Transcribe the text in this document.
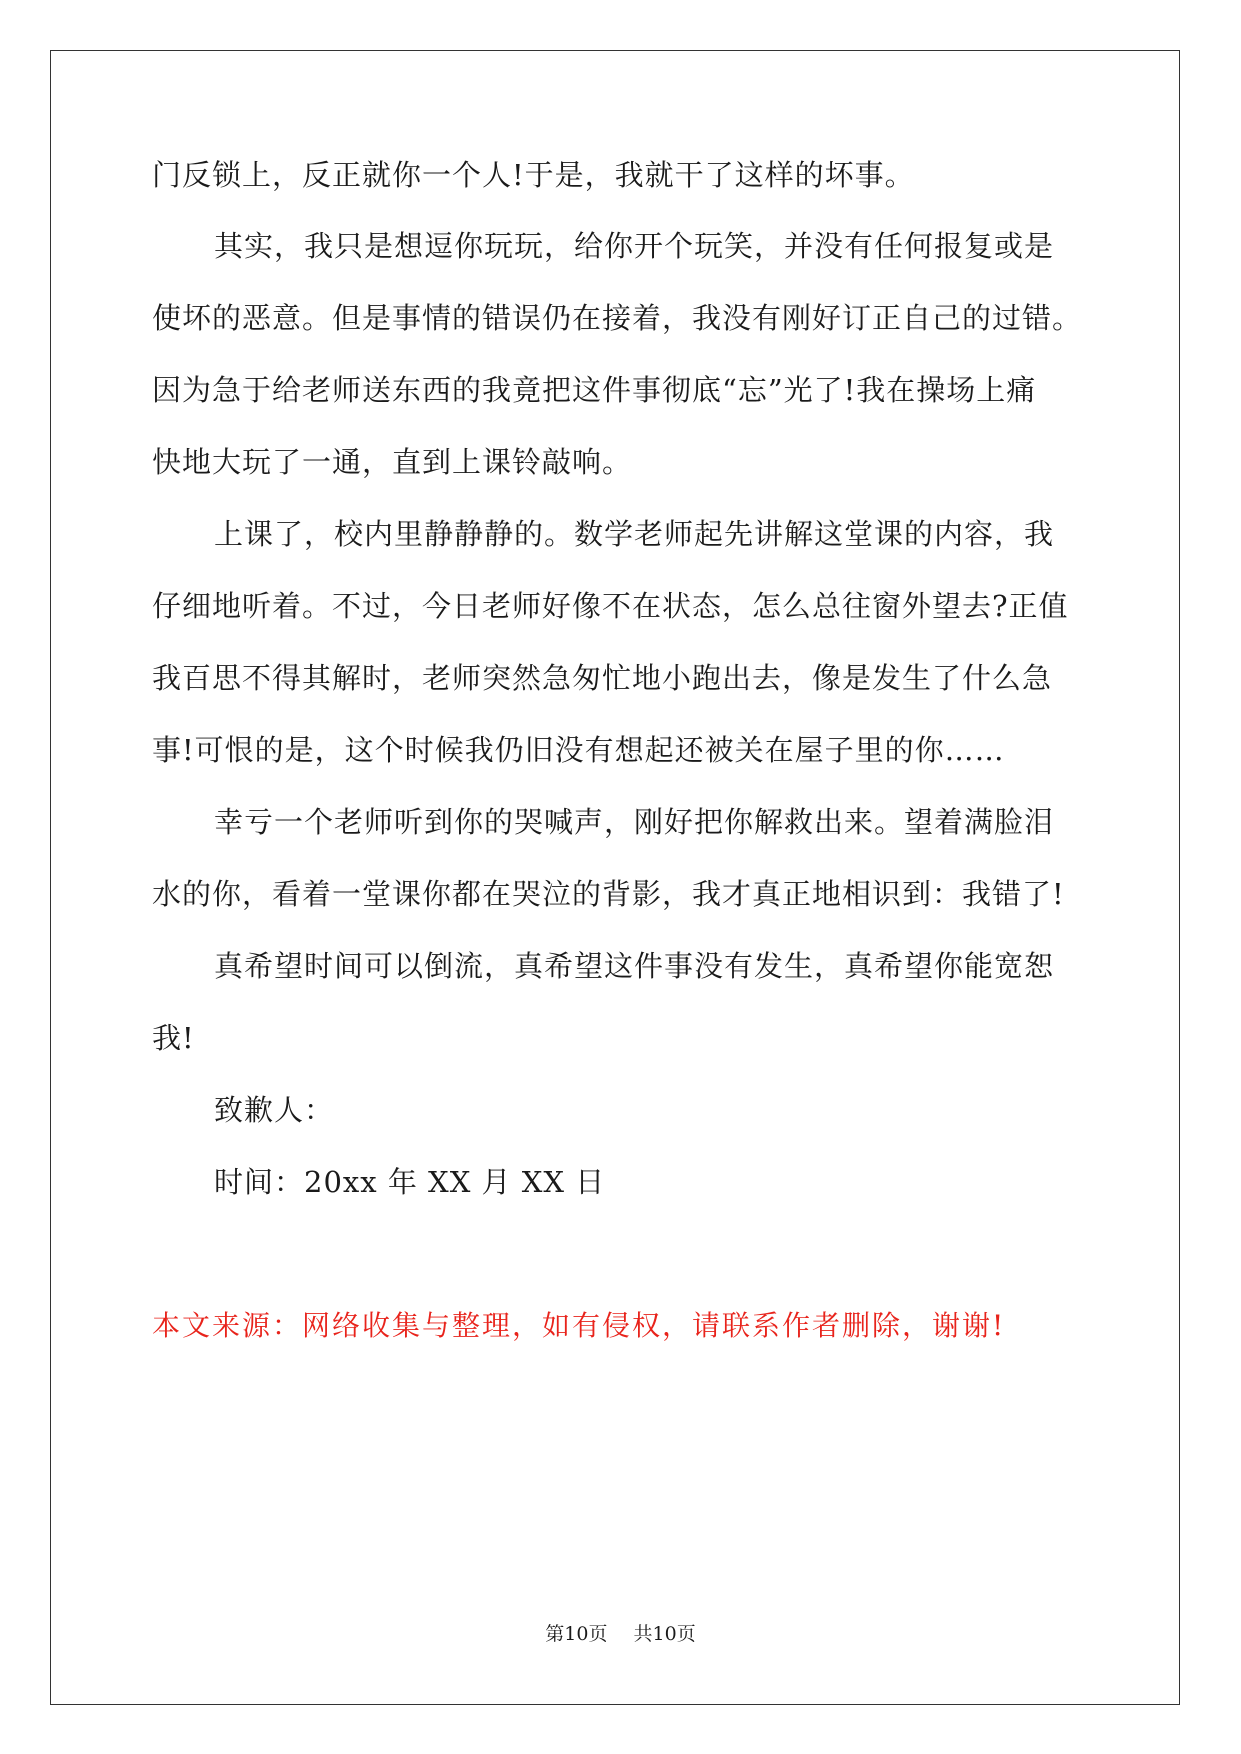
门反锁上，反正就你一个人!于是，我就干了这样的坏事。
其实，我只是想逗你玩玩，给你开个玩笑，并没有任何报复或是
使坏的恶意。但是事情的错误仍在接着，我没有刚好订正自己的过错。
因为急于给老师送东西的我竟把这件事彻底“忘”光了!我在操场上痛
快地大玩了一通，直到上课铃敲响。
上课了，校内里静静静的。数学老师起先讲解这堂课的内容，我
仔细地听着。不过，今日老师好像不在状态，怎么总往窗外望去?正值
我百思不得其解时，老师突然急匆忙地小跑出去，像是发生了什么急
事!可恨的是，这个时候我仍旧没有想起还被关在屋子里的你……
幸亏一个老师听到你的哭喊声，刚好把你解救出来。望着满脸泪
水的你，看着一堂课你都在哭泣的背影，我才真正地相识到：我错了!
真希望时间可以倒流，真希望这件事没有发生，真希望你能宽恕
我!
致歉人：
时间：20xx 年 XX 月 XX 日
本文来源：网络收集与整理，如有侵权，请联系作者删除，谢谢!
第10页 共10页
